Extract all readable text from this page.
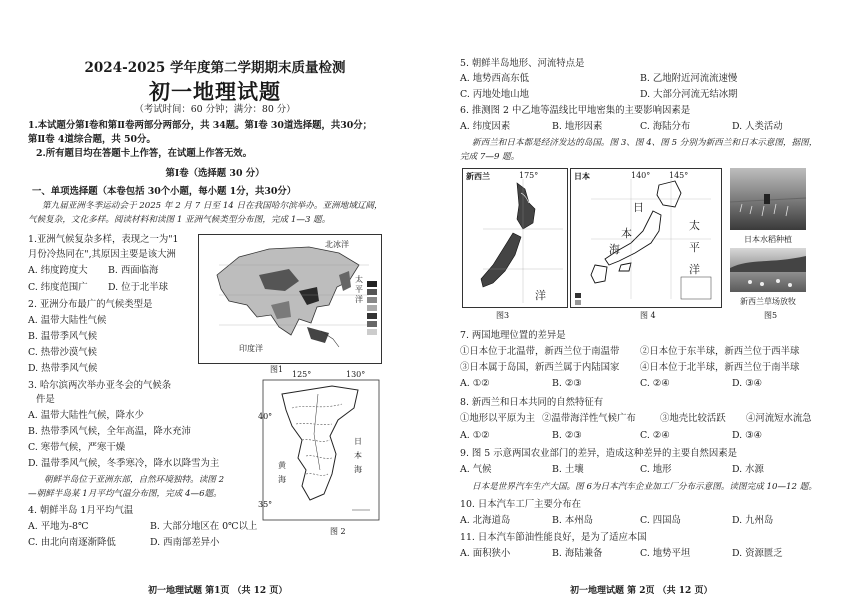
2024-2025 学年度第二学期期末质量检测
初一地理试题
（考试时间：60 分钟；满分：80 分）
1.本试题分第Ⅰ卷和第Ⅱ卷两部分两部分，共 34题。第Ⅰ卷 30道选择题，共30分；
第Ⅱ卷 4道综合题，共 50分。
2.所有题目均在答题卡上作答，在试题上作答无效。
第Ⅰ卷（选择题 30 分）
一、单项选择题（本卷包括 30个小题，每小题 1分，共30分）
第九届亚洲冬季运动会于 2025 年 2 月 7 日至 14 日在我国哈尔滨举办。亚洲地域辽阔，
气候复杂，文化多样。阅读材料和读图 1 亚洲气候类型分布图，完成 1—3 题。
1.亚洲气候复杂多样，表现之一为"1
月份冷热同在",其原因主要是该大洲
A. 纬度跨度大 B. 西面临海
C. 纬度范围广 D. 位于北半球
2. 亚洲分布最广的气候类型是
A. 温带大陆性气候
B. 温带季风气候
C. 热带沙漠气候
D. 热带季风气候
3. 哈尔滨两次举办亚冬会的气候条
件是
A. 温带大陆性气候，降水少
B. 热带季风气候，全年高温，降水充沛
C. 寒带气候，严寒干燥
D. 温带季风气候，冬季寒冷，降水以降雪为主
朝鲜半岛位于亚洲东部，自然环境独特。读图 2
—朝鲜半岛某 1月平均气温分布图，完成 4—6题。
4. 朝鲜半岛 1月平均气温
A. 平地为-8℃	B. 大部分地区在 0℃以上
C. 由北向南逐渐降低	D. 西南部差异小
北冰洋
太平洋
印度洋
图1
125°	130°
40°
35°
黄
海
日
本
海
图 2
初一地理试题 第1页 （共 12 页）
5. 朝鲜半岛地形、河流特点是
A. 地势西高东低	B. 乙地附近河流流速慢
C. 丙地处地山地	D. 大部分河流无结冰期
6. 推测图 2 中乙地等温线比甲地密集的主要影响因素是
A. 纬度因素	B. 地形因素	C. 海陆分布	D. 人类活动
新西兰和日本都是经济发达的岛国。图 3、图 4、图 5 分别为新西兰和日本示意图，据图，
完成 7—9 题。
新西兰	175°
洋
图3
日本	140° 145°
日
本
海
太
平
洋
图 4
日本水稻种植
新西兰草场放牧
图5
7. 两国地理位置的差异是
①日本位于北温带，新西兰位于南温带 ②日本位于东半球，新西兰位于西半球
③日本属于岛国，新西兰属于内陆国家 ④日本位于北半球，新西兰位于南半球
A. ①②	B. ②③	C. ②④	D. ③④
8. 新西兰和日本共同的自然特征有
①地形以平原为主 ②温带海洋性气候广布	③地壳比较活跃 ④河流短水流急
A. ①②	B. ②③	C. ②④	D. ③④
9. 图 5 示意两国农业部门的差异，造成这种差异的主要自然因素是
A. 气候	B. 土壤	C. 地形	D. 水源
日本是世界汽车生产大国。图 6为日本汽车企业加工厂分布示意图。读图完成 10—12 题。
10. 日本汽车工厂主要分布在
A. 北海道岛	B. 本州岛	C. 四国岛	D. 九州岛
11. 日本汽车節油性能良好，是为了适应本国
A. 面积狭小	B. 海陆兼备	C. 地势平坦	D. 资源匮乏
初一地理试题 第 2页 （共 12 页）
